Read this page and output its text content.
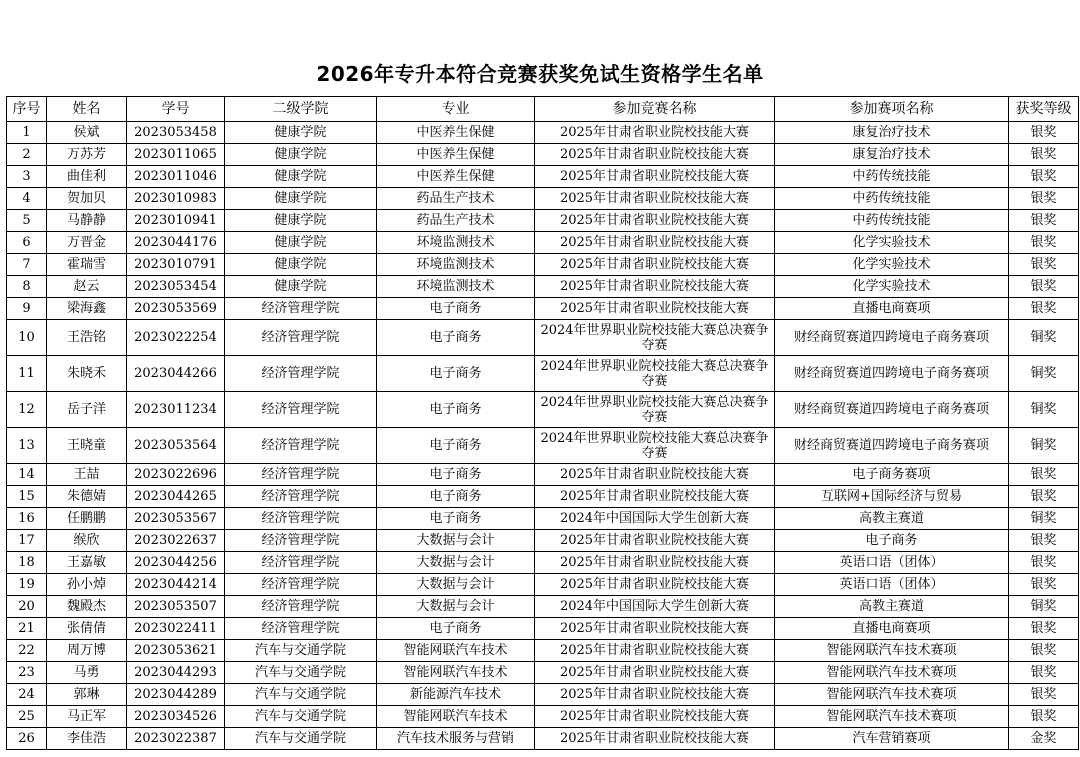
2026年专升本符合竞赛获奖免试生资格学生名单
序号	姓名	学号	二级学院	专业	参加竞赛名称	参加赛项名称	获奖等级
1	侯斌	2023053458	健康学院	中医养生保健	2025年甘肃省职业院校技能大赛	康复治疗技术	银奖
2	万苏芳	2023011065	健康学院	中医养生保健	2025年甘肃省职业院校技能大赛	康复治疗技术	银奖
3	曲佳利	2023011046	健康学院	中医养生保健	2025年甘肃省职业院校技能大赛	中药传统技能	银奖
4	贺加贝	2023010983	健康学院	药品生产技术	2025年甘肃省职业院校技能大赛	中药传统技能	银奖
5	马静静	2023010941	健康学院	药品生产技术	2025年甘肃省职业院校技能大赛	中药传统技能	银奖
6	万晋金	2023044176	健康学院	环境监测技术	2025年甘肃省职业院校技能大赛	化学实验技术	银奖
7	霍瑞雪	2023010791	健康学院	环境监测技术	2025年甘肃省职业院校技能大赛	化学实验技术	银奖
8	赵云	2023053454	健康学院	环境监测技术	2025年甘肃省职业院校技能大赛	化学实验技术	银奖
9	梁海鑫	2023053569	经济管理学院	电子商务	2025年甘肃省职业院校技能大赛	直播电商赛项	银奖
10	王浩铭	2023022254	经济管理学院	电子商务	2024年世界职业院校技能大赛总决赛争夺赛	财经商贸赛道四跨境电子商务赛项	铜奖
11	朱晓禾	2023044266	经济管理学院	电子商务	2024年世界职业院校技能大赛总决赛争夺赛	财经商贸赛道四跨境电子商务赛项	铜奖
12	岳子洋	2023011234	经济管理学院	电子商务	2024年世界职业院校技能大赛总决赛争夺赛	财经商贸赛道四跨境电子商务赛项	铜奖
13	王晓童	2023053564	经济管理学院	电子商务	2024年世界职业院校技能大赛总决赛争夺赛	财经商贸赛道四跨境电子商务赛项	铜奖
14	王喆	2023022696	经济管理学院	电子商务	2025年甘肃省职业院校技能大赛	电子商务赛项	银奖
15	朱德婧	2023044265	经济管理学院	电子商务	2025年甘肃省职业院校技能大赛	互联网+国际经济与贸易	银奖
16	任鹏鹏	2023053567	经济管理学院	电子商务	2024年中国国际大学生创新大赛	高教主赛道	铜奖
17	缑欣	2023022637	经济管理学院	大数据与会计	2025年甘肃省职业院校技能大赛	电子商务	银奖
18	王嘉敏	2023044256	经济管理学院	大数据与会计	2025年甘肃省职业院校技能大赛	英语口语（团体）	银奖
19	孙小焯	2023044214	经济管理学院	大数据与会计	2025年甘肃省职业院校技能大赛	英语口语（团体）	银奖
20	魏殿杰	2023053507	经济管理学院	大数据与会计	2024年中国国际大学生创新大赛	高教主赛道	铜奖
21	张倩倩	2023022411	经济管理学院	电子商务	2025年甘肃省职业院校技能大赛	直播电商赛项	银奖
22	周万博	2023053621	汽车与交通学院	智能网联汽车技术	2025年甘肃省职业院校技能大赛	智能网联汽车技术赛项	银奖
23	马勇	2023044293	汽车与交通学院	智能网联汽车技术	2025年甘肃省职业院校技能大赛	智能网联汽车技术赛项	银奖
24	郭琳	2023044289	汽车与交通学院	新能源汽车技术	2025年甘肃省职业院校技能大赛	智能网联汽车技术赛项	银奖
25	马正军	2023034526	汽车与交通学院	智能网联汽车技术	2025年甘肃省职业院校技能大赛	智能网联汽车技术赛项	银奖
26	李佳浩	2023022387	汽车与交通学院	汽车技术服务与营销	2025年甘肃省职业院校技能大赛	汽车营销赛项	金奖
